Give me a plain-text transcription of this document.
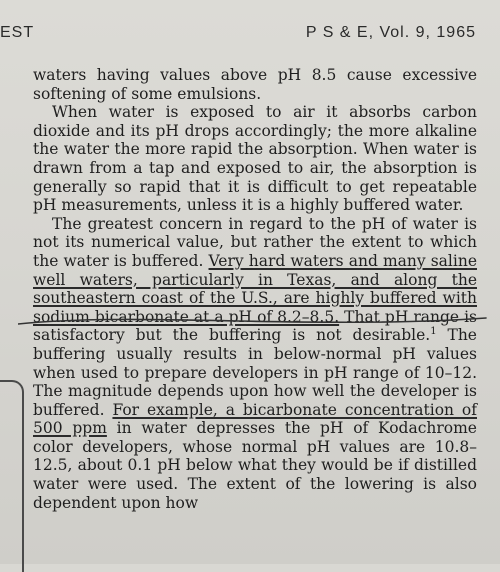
EST	P S & E, Vol. 9, 1965

waters having values above pH 8.5 cause excessive softening of some emulsions.

When water is exposed to air it absorbs carbon dioxide and its pH drops accordingly; the more alkaline the water the more rapid the absorption. When water is drawn from a tap and exposed to air, the absorption is generally so rapid that it is difficult to get repeatable pH measurements, unless it is a highly buffered water.

The greatest concern in regard to the pH of water is not its numerical value, but rather the extent to which the water is buffered. Very hard waters and many saline well waters, particularly in Texas, and along the southeastern coast of the U.S., are highly buffered with sodium bicarbonate at a pH of 8.2–8.5. That pH range is satisfactory but the buffering is not desirable.$^1$ The buffering usually results in below-normal pH values when used to prepare developers in pH range of 10–12. The magnitude depends upon how well the developer is buffered. For example, a bicarbonate concentration of 500 ppm in water depresses the pH of Kodachrome color developers, whose normal pH values are 10.8–12.5, about 0.1 pH below what they would be if distilled water were used. The extent of the lowering is also dependent upon how
